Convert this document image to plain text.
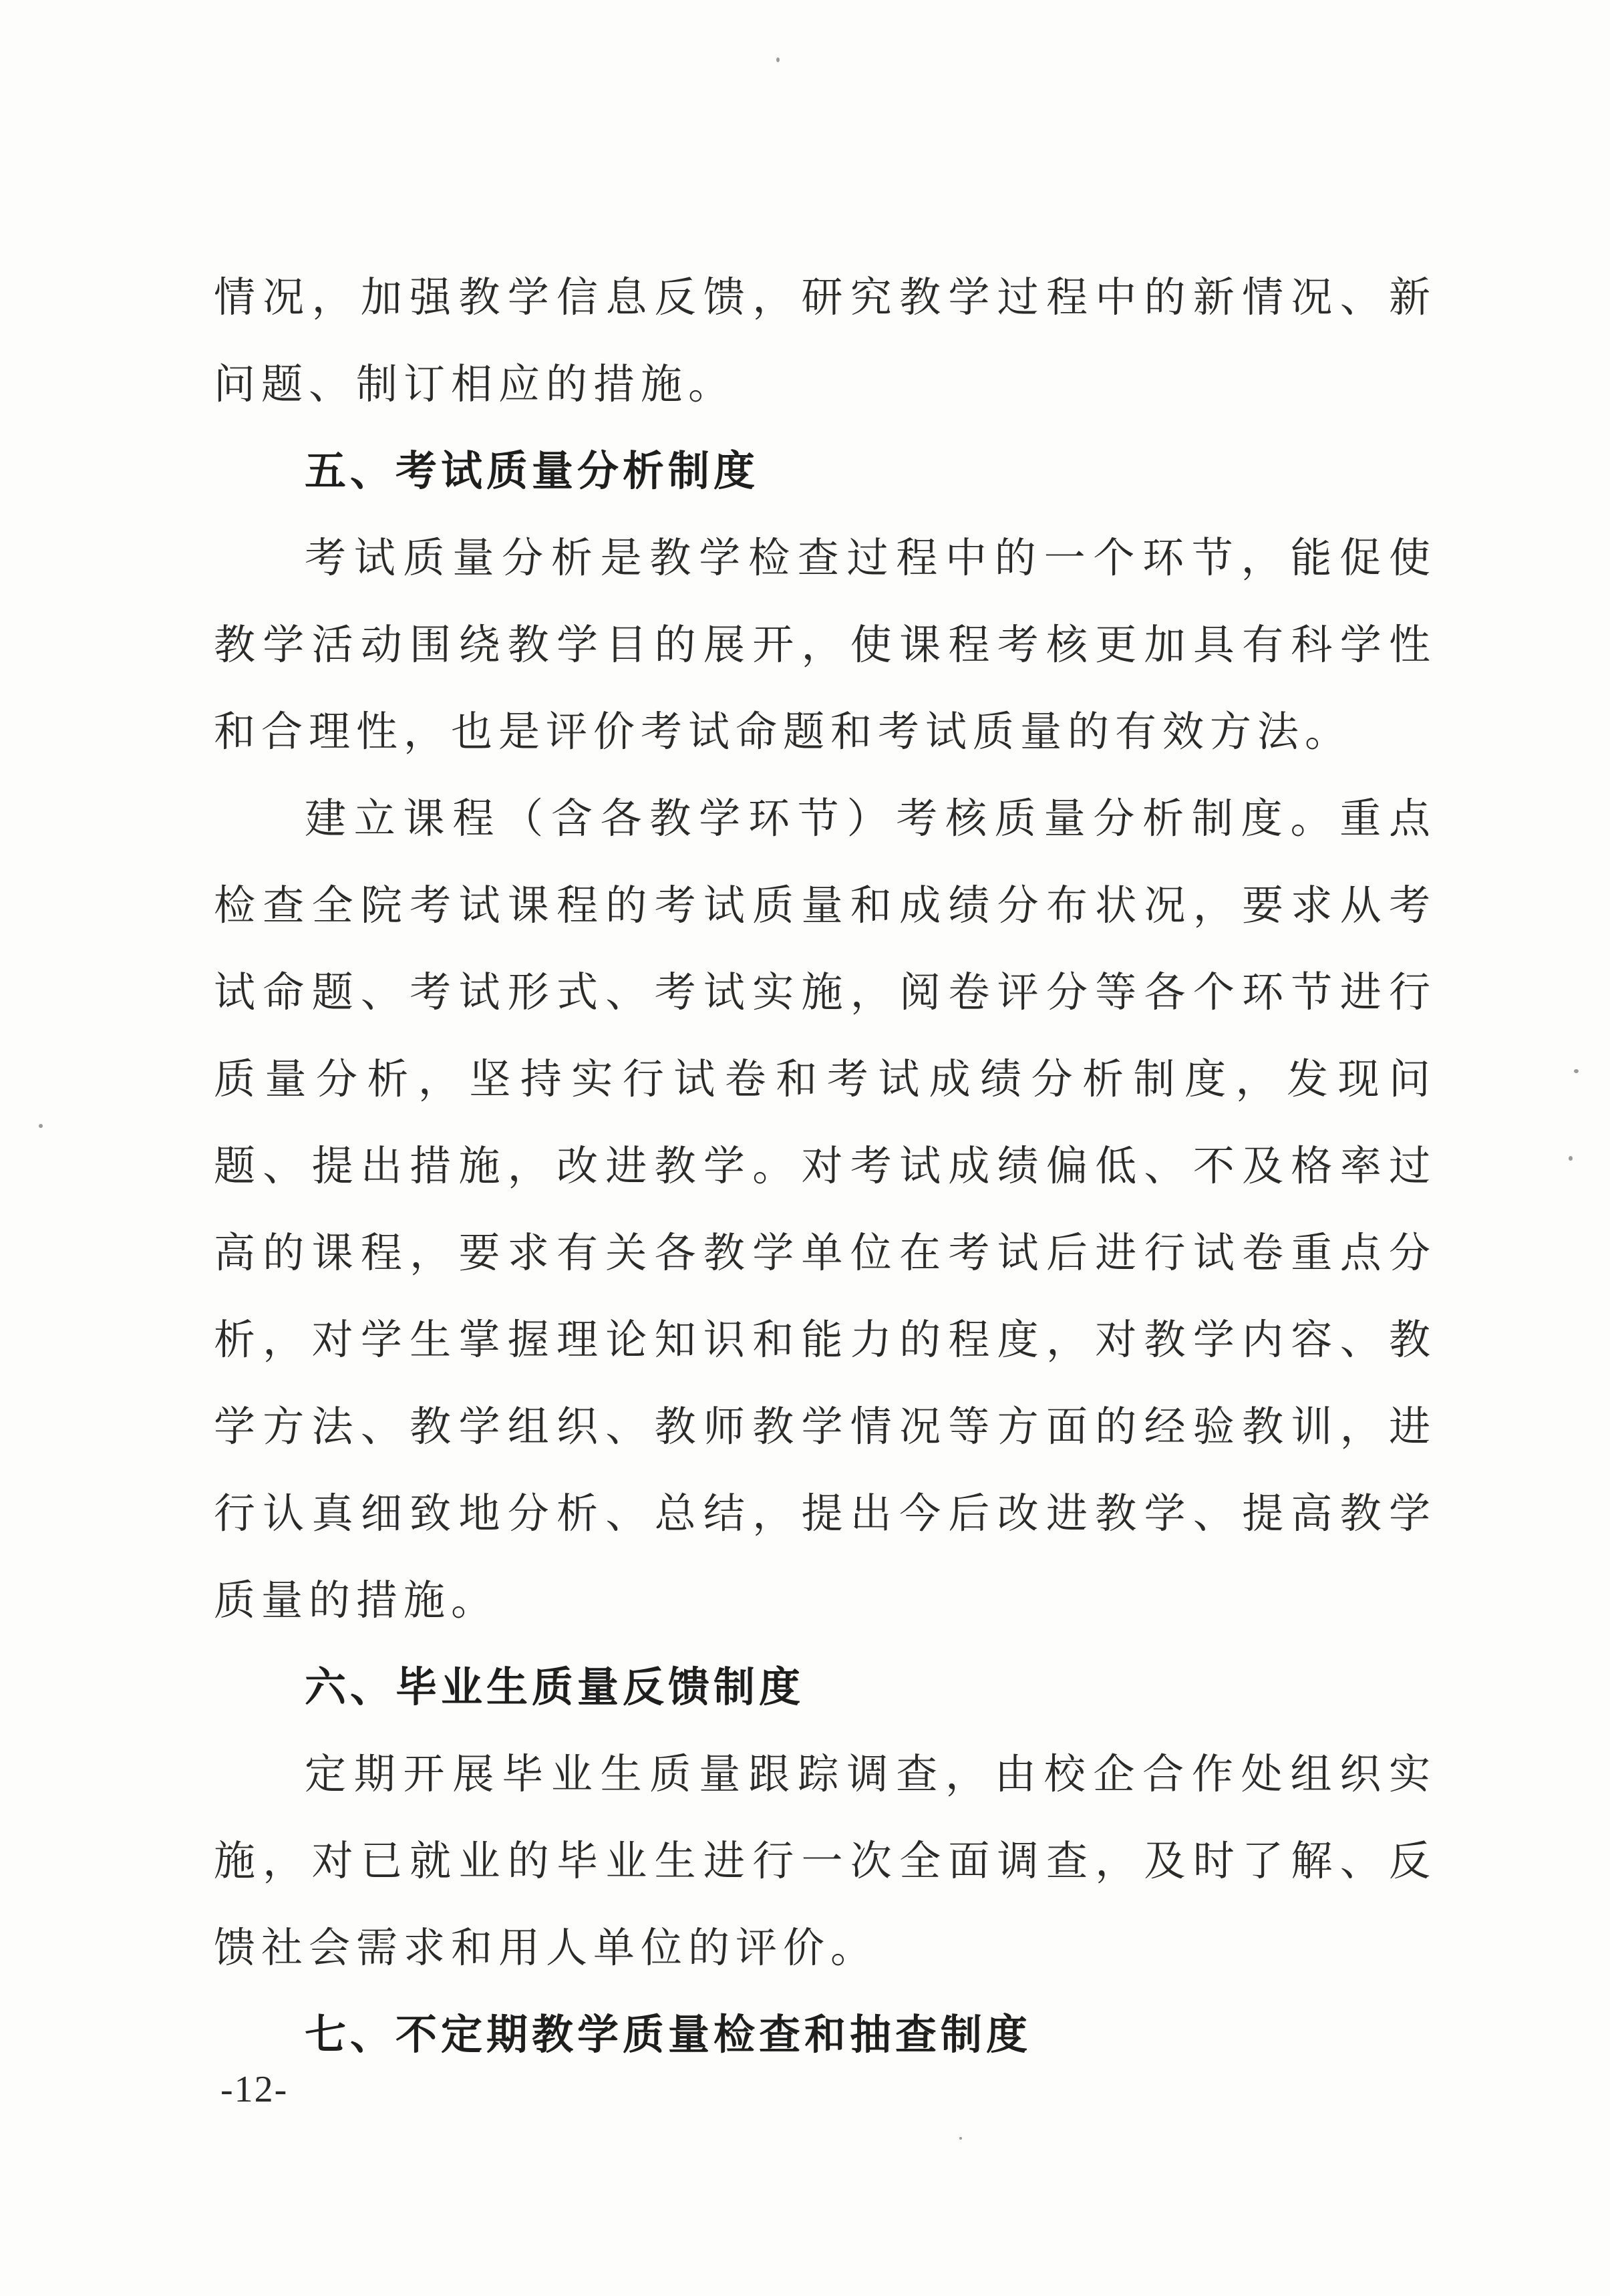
情况，加强教学信息反馈，研究教学过程中的新情况、新问题、制订相应的措施。

五、考试质量分析制度

考试质量分析是教学检查过程中的一个环节，能促使教学活动围绕教学目的展开，使课程考核更加具有科学性和合理性，也是评价考试命题和考试质量的有效方法。

建立课程（含各教学环节）考核质量分析制度。重点检查全院考试课程的考试质量和成绩分布状况，要求从考试命题、考试形式、考试实施，阅卷评分等各个环节进行质量分析，坚持实行试卷和考试成绩分析制度，发现问题、提出措施，改进教学。对考试成绩偏低、不及格率过高的课程，要求有关各教学单位在考试后进行试卷重点分析，对学生掌握理论知识和能力的程度，对教学内容、教学方法、教学组织、教师教学情况等方面的经验教训，进行认真细致地分析、总结，提出今后改进教学、提高教学质量的措施。

六、毕业生质量反馈制度

定期开展毕业生质量跟踪调查，由校企合作处组织实施，对已就业的毕业生进行一次全面调查，及时了解、反馈社会需求和用人单位的评价。

七、不定期教学质量检查和抽查制度

-12-
